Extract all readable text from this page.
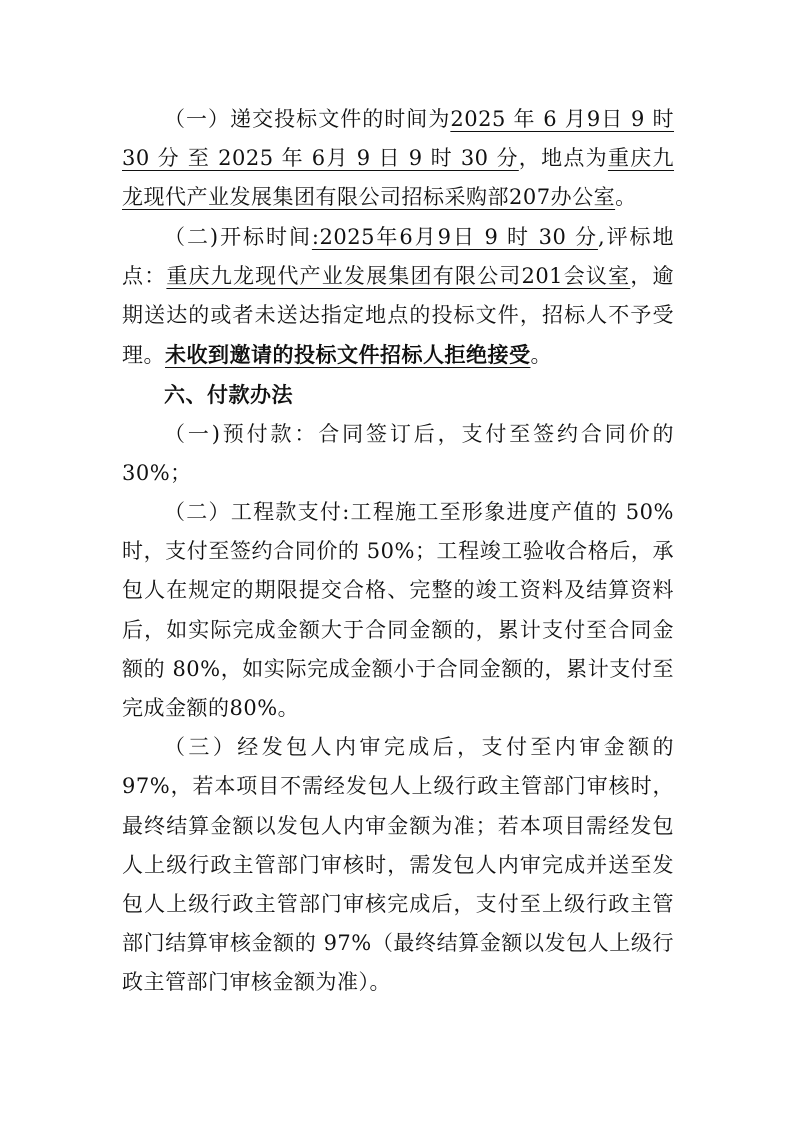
（一）递交投标文件的时间为2025 年 6 月9日 9 时 30 分 至 2025 年 6月 9 日 9 时 30 分，地点为重庆九龙现代产业发展集团有限公司招标采购部207办公室。

（二)开标时间:2025年6月9日 9 时 30 分,评标地点：重庆九龙现代产业发展集团有限公司201会议室，逾期送达的或者未送达指定地点的投标文件，招标人不予受理。未收到邀请的投标文件招标人拒绝接受。

六、付款办法

（一)预付款：合同签订后，支付至签约合同价的 30%；

（二）工程款支付:工程施工至形象进度产值的 50%时，支付至签约合同价的 50%；工程竣工验收合格后，承包人在规定的期限提交合格、完整的竣工资料及结算资料后，如实际完成金额大于合同金额的，累计支付至合同金额的 80%，如实际完成金额小于合同金额的，累计支付至完成金额的80%。

（三）经发包人内审完成后，支付至内审金额的 97%，若本项目不需经发包人上级行政主管部门审核时，最终结算金额以发包人内审金额为准；若本项目需经发包人上级行政主管部门审核时，需发包人内审完成并送至发包人上级行政主管部门审核完成后，支付至上级行政主管部门结算审核金额的 97%（最终结算金额以发包人上级行政主管部门审核金额为准）。
